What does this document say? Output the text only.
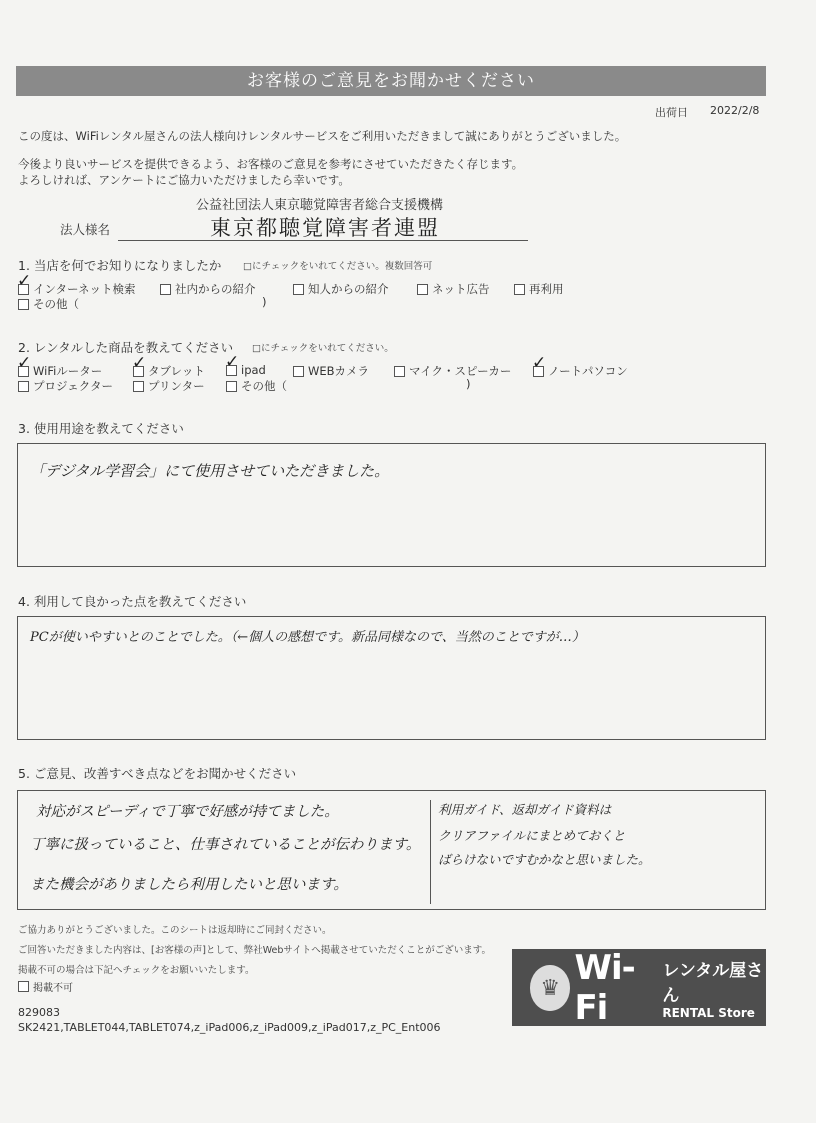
お客様のご意見をお聞かせください
出荷日 2022/2/8
この度は、WiFiレンタル屋さんの法人様向けレンタルサービスをご利用いただきまして誠にありがとうございました。
今後より良いサービスを提供できるよう、お客様のご意見を参考にさせていただきたく存じます。
よろしければ、アンケートにご協力いただけましたら幸いです。
法人様名
公益社団法人東京聴覚障害者総合支援機構
東京都聴覚障害者連盟
1. 当店を何でお知りになりましたか □にチェックをいれてください。複数回答可
✓
インターネット検索	社内からの紹介	知人からの紹介	ネット広告	再利用
その他（	)
2. レンタルした商品を教えてください □にチェックをいれてください。
✓
WiFiルーター ✓	タブレット ✓	ipad	WEBカメラ	マイク・スピーカー ✓	ノートパソコン
プロジェクター	プリンター	その他（	)
3. 使用用途を教えてください
「デジタル学習会」にて使用させていただきました。
4. 利用して良かった点を教えてください
PCが使いやすいとのことでした。（←個人の感想です。新品同様なので、当然のことですが…）
5. ご意見、改善すべき点などをお聞かせください
対応がスピーディで丁寧で好感が持てました。
丁寧に扱っていること、仕事されていることが伝わります。
また機会がありましたら利用したいと思います。
利用ガイド、返却ガイド資料は
クリアファイルにまとめておくと
ばらけないですむかなと思いました。
ご協力ありがとうございました。このシートは返却時にご同封ください。
ご回答いただきました内容は、[お客様の声]として、弊社Webサイトへ掲載させていただくことがございます。
掲載不可の場合は下記へチェックをお願いいたします。
掲載不可
829083
SK2421,TABLET044,TABLET074,z_iPad006,z_iPad009,z_iPad017,z_PC_Ent006
♛
Wi-Fi
レンタル屋さん
RENTAL Store
